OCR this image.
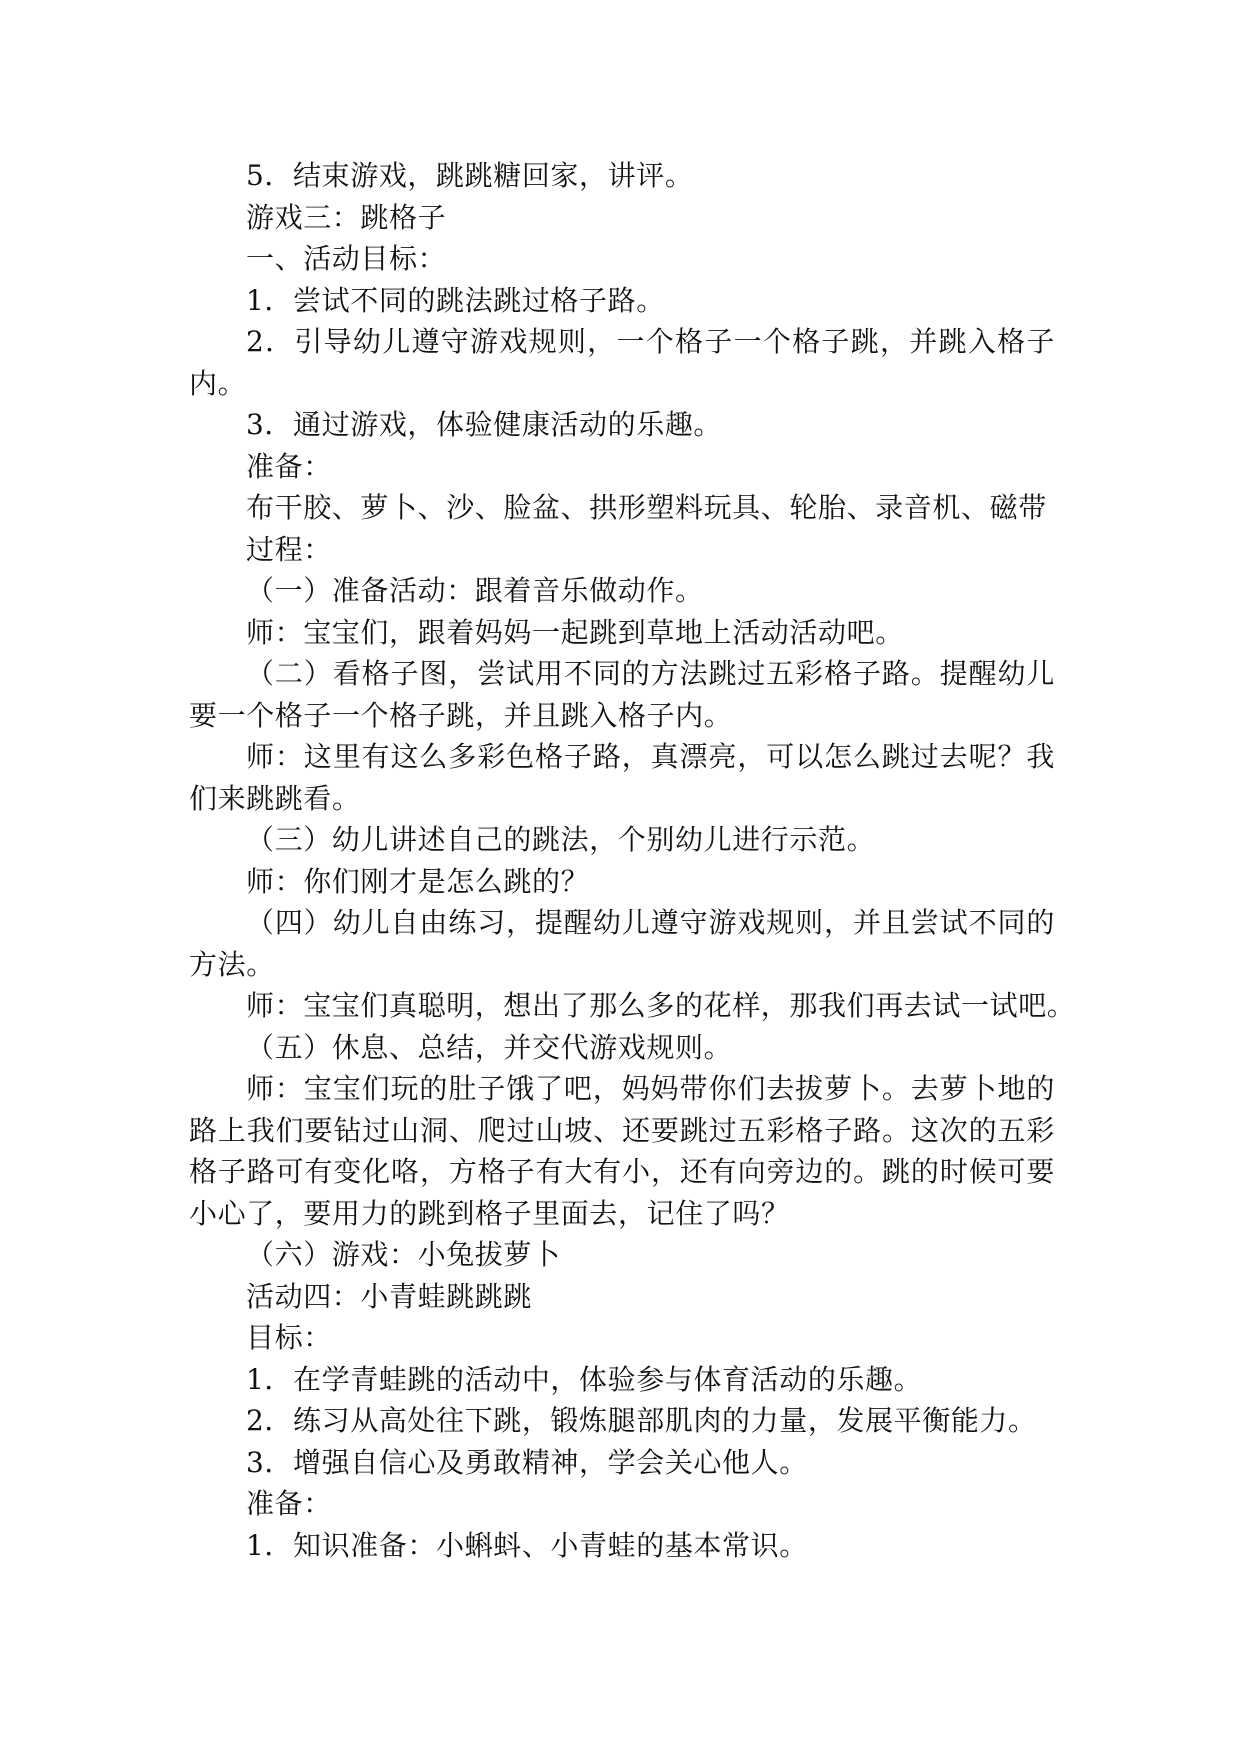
5．结束游戏，跳跳糖回家，讲评。

游戏三：跳格子

一、活动目标：

1．尝试不同的跳法跳过格子路。

2．引导幼儿遵守游戏规则，一个格子一个格子跳，并跳入格子内。

3．通过游戏，体验健康活动的乐趣。

准备：

布干胶、萝卜、沙、脸盆、拱形塑料玩具、轮胎、录音机、磁带

过程：

（一）准备活动：跟着音乐做动作。

师：宝宝们，跟着妈妈一起跳到草地上活动活动吧。

（二）看格子图，尝试用不同的方法跳过五彩格子路。提醒幼儿要一个格子一个格子跳，并且跳入格子内。

师：这里有这么多彩色格子路，真漂亮，可以怎么跳过去呢？我们来跳跳看。

（三）幼儿讲述自己的跳法，个别幼儿进行示范。

师：你们刚才是怎么跳的？

（四）幼儿自由练习，提醒幼儿遵守游戏规则，并且尝试不同的方法。

师：宝宝们真聪明，想出了那么多的花样，那我们再去试一试吧。

（五）休息、总结，并交代游戏规则。

师：宝宝们玩的肚子饿了吧，妈妈带你们去拔萝卜。去萝卜地的路上我们要钻过山洞、爬过山坡、还要跳过五彩格子路。这次的五彩格子路可有变化咯，方格子有大有小，还有向旁边的。跳的时候可要小心了，要用力的跳到格子里面去，记住了吗？

（六）游戏：小兔拔萝卜

活动四：小青蛙跳跳跳

目标：

1．在学青蛙跳的活动中，体验参与体育活动的乐趣。

2．练习从高处往下跳，锻炼腿部肌肉的力量，发展平衡能力。

3．增强自信心及勇敢精神，学会关心他人。

准备：

1．知识准备：小蝌蚪、小青蛙的基本常识。
